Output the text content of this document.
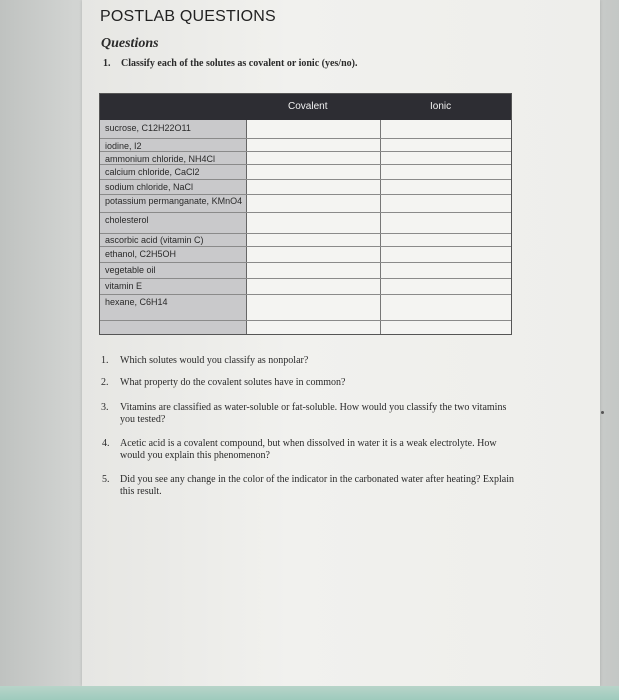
POSTLAB QUESTIONS
Questions
1. Classify each of the solutes as covalent or ionic (yes/no).
Covalent	Ionic
sucrose, C12H22O11
iodine, I2
ammonium chloride, NH4Cl
calcium chloride, CaCl2
sodium chloride, NaCl
potassium permanganate, KMnO4
cholesterol
ascorbic acid (vitamin C)
ethanol, C2H5OH
vegetable oil
vitamin E
hexane, C6H14
1. Which solutes would you classify as nonpolar?
2. What property do the covalent solutes have in common?
3. Vitamins are classified as water-soluble or fat-soluble. How would you classify the two vitamins you tested?
4. Acetic acid is a covalent compound, but when dissolved in water it is a weak electrolyte. How would you explain this phenomenon?
5. Did you see any change in the color of the indicator in the carbonated water after heating? Explain this result.
